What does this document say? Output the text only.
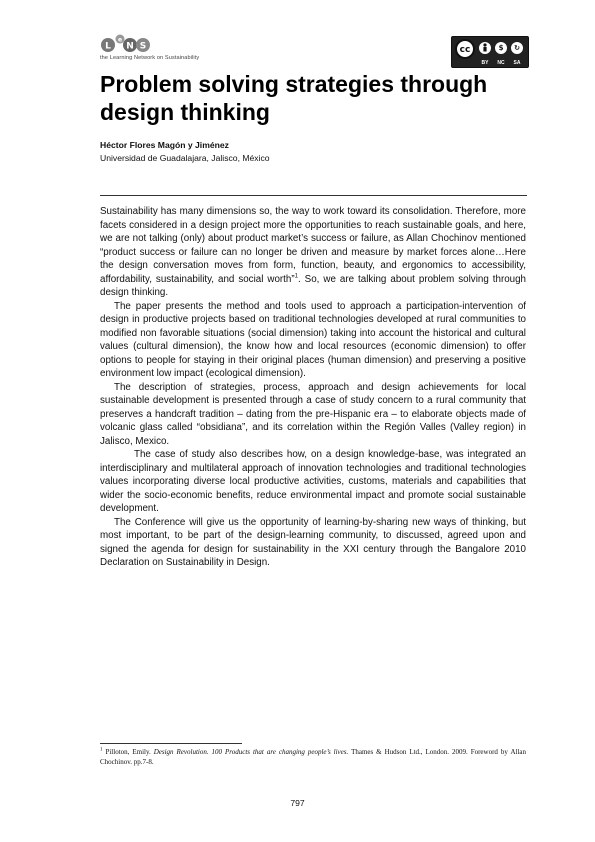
L
e
N S
the Learning Network on Sustainability
cc	$	↻
BY	NC	SA
Problem solving strategies through design thinking

Héctor Flores Magón y Jiménez

Universidad de Guadalajara, Jalisco, México

Sustainability has many dimensions so, the way to work toward its consolidation. Therefore, more facets considered in a design project more the opportunities to reach sustainable goals, and here, we are not talking (only) about product market’s success or failure, as Allan Chochinov mentioned “product success or failure can no longer be driven and measure by market forces alone…Here the design conversation moves from form, function, beauty, and ergonomics to accessibility, affordability, sustainability, and social worth”$^1$. So, we are talking about problem solving through design thinking.

The paper presents the method and tools used to approach a participation-intervention of design in productive projects based on traditional technologies developed at rural communities to modified non favorable situations (social dimension) taking into account the historical and cultural values (cultural dimension), the know how and local resources (economic dimension) to offer options to people for staying in their original places (human dimension) and preserving a positive environment low impact (ecological dimension).

The description of strategies, process, approach and design achievements for local sustainable development is presented through a case of study concern to a rural community that preserves a handcraft tradition – dating from the pre-Hispanic era – to elaborate objects made of volcanic glass called “obsidiana”, and its correlation within the Región Valles (Valley region) in Jalisco, Mexico.

The case of study also describes how, on a design knowledge-base, was integrated an interdisciplinary and multilateral approach of innovation technologies and traditional technologies values incorporating diverse local productive activities, customs, materials and capabilities that wider the socio-economic benefits, reduce environmental impact and promote social sustainable development.

The Conference will give us the opportunity of learning-by-sharing new ways of thinking, but most important, to be part of the design-learning community, to discussed, agreed upon and signed the agenda for design for sustainability in the XXI century through the Bangalore 2010 Declaration on Sustainability in Design.

$^1$ Pilloton, Emily. Design Revolution. 100 Products that are changing people’s lives. Thames & Hudson Ltd., London. 2009. Foreword by Allan Chochinov. pp.7-8.
797
